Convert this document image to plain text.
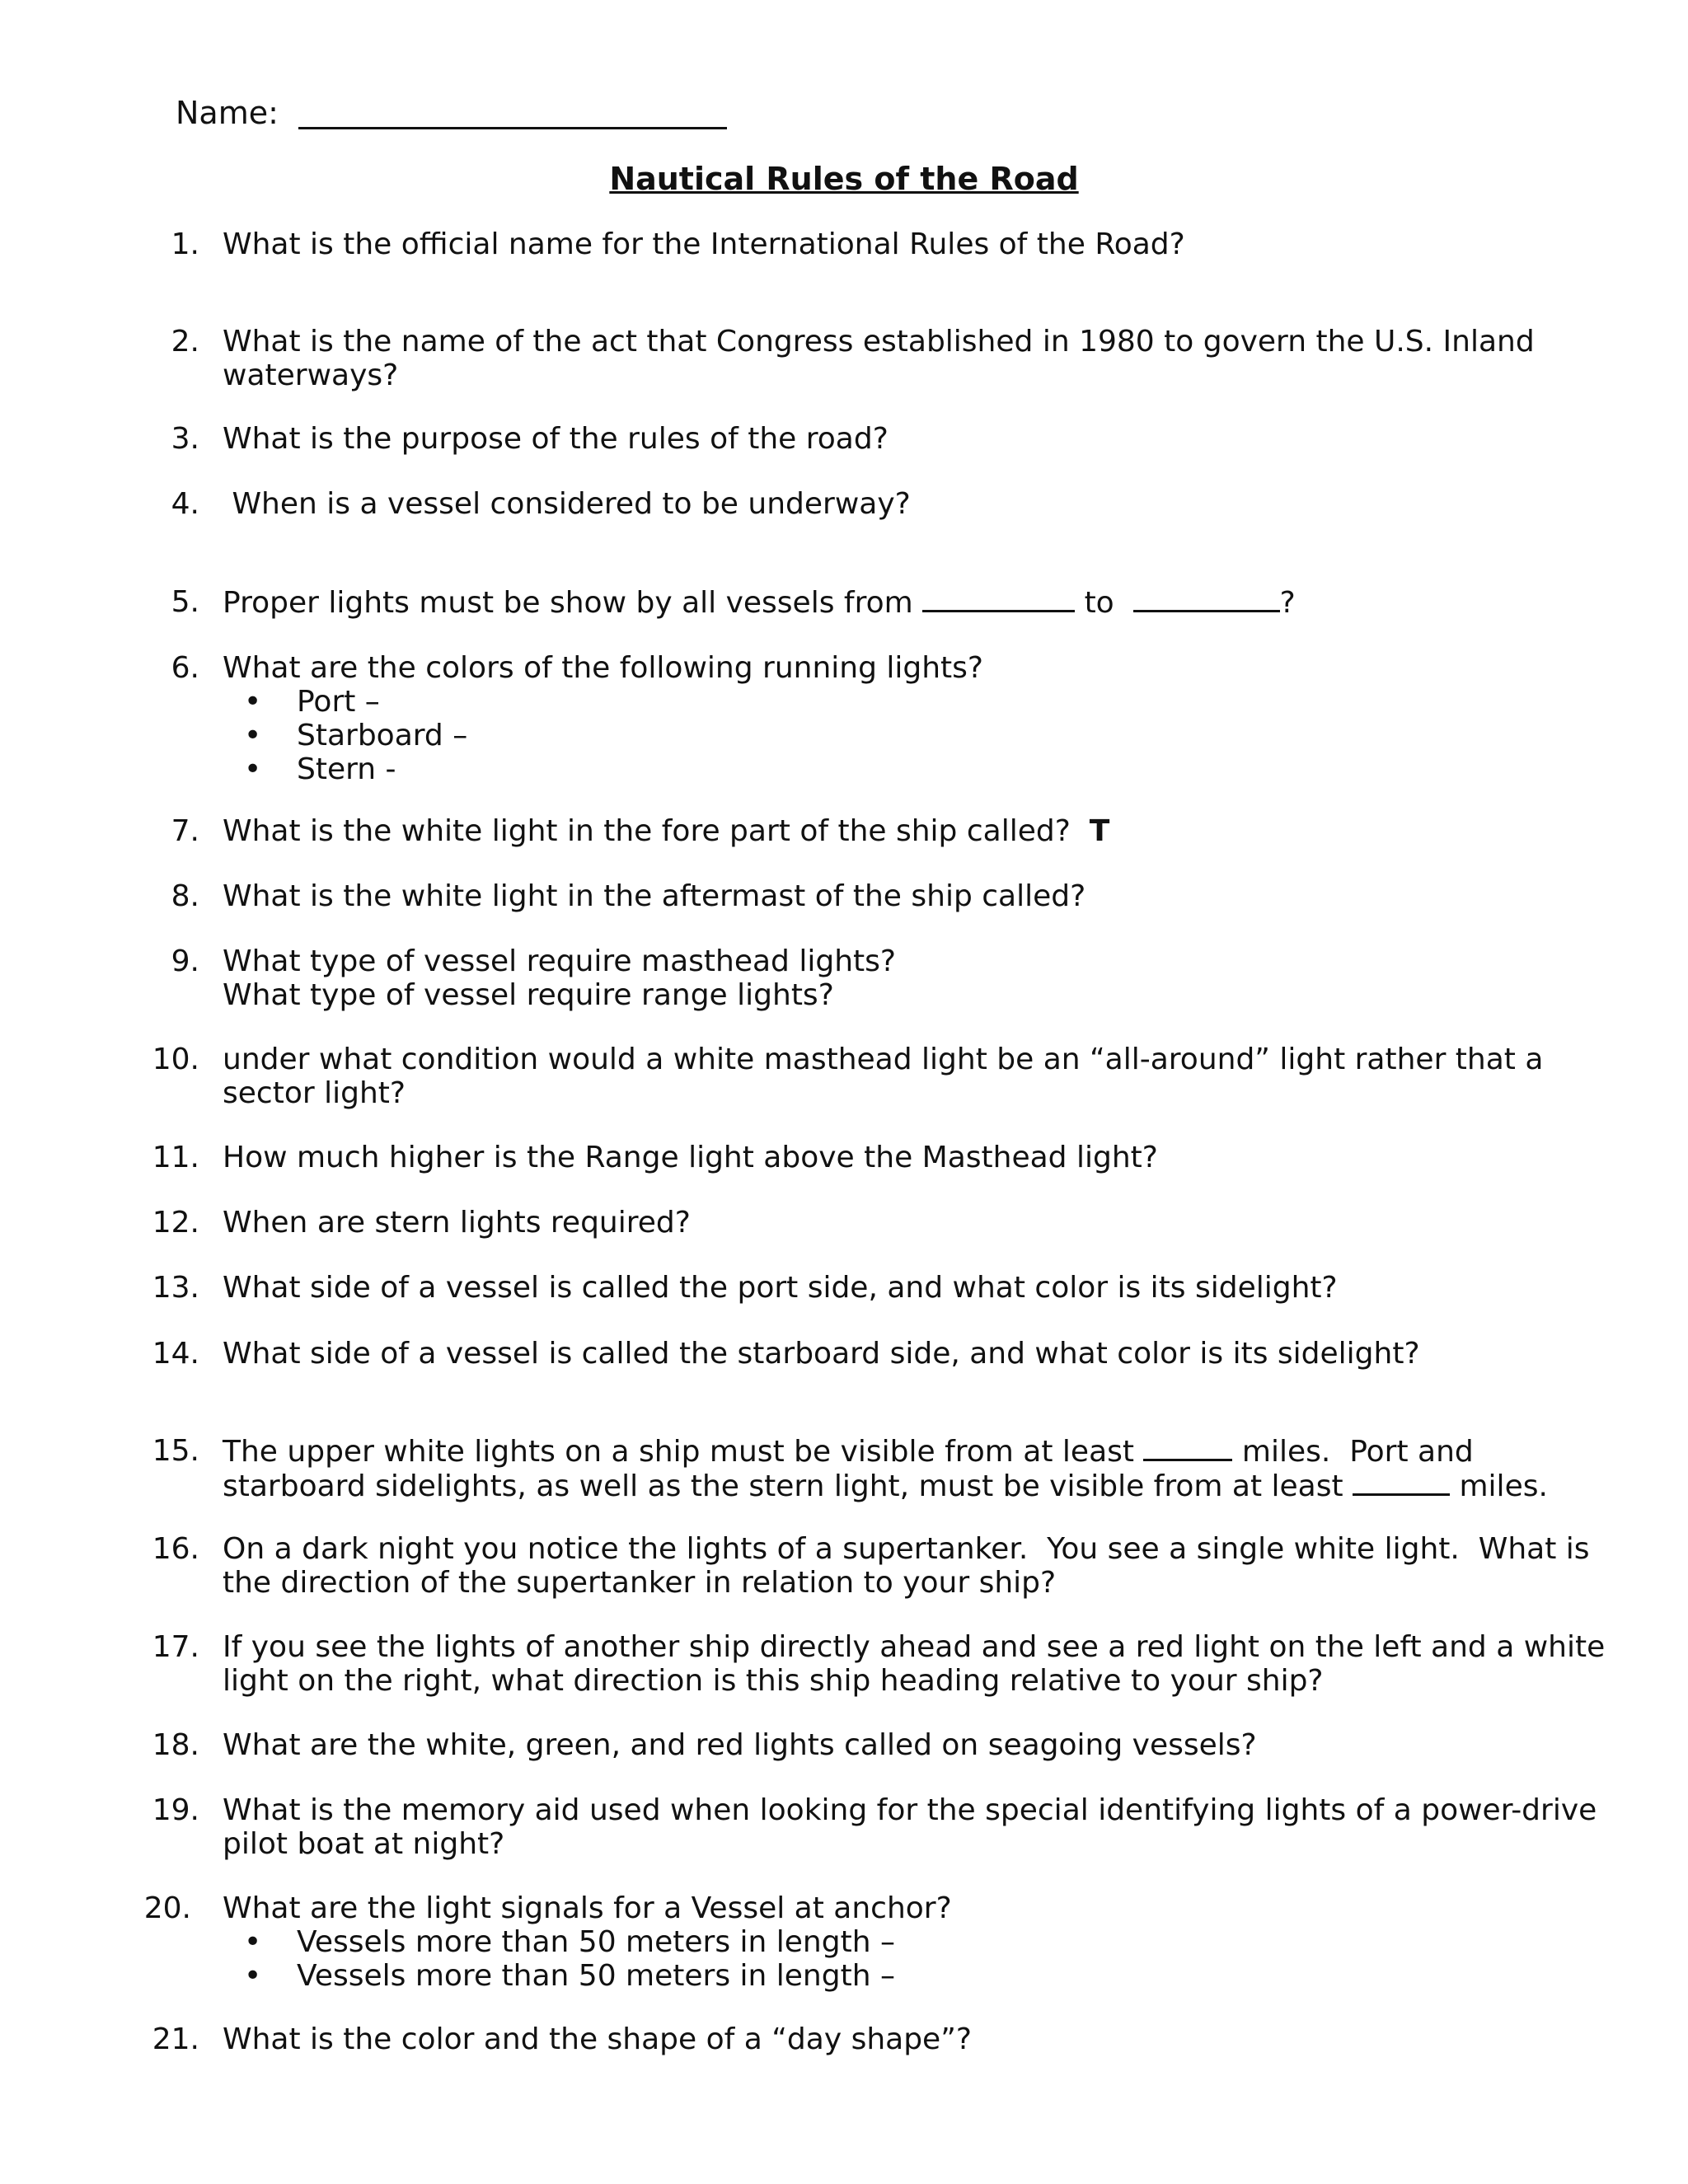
Name:
Nautical Rules of the Road
1. What is the official name for the International Rules of the Road?
2. What is the name of the act that Congress established in 1980 to govern the U.S. Inland
waterways?
3. What is the purpose of the rules of the road?
4. When is a vessel considered to be underway?
5. Proper lights must be show by all vessels from	to	?
6. What are the colors of the following running lights?
• Port –
• Starboard –
• Stern -
7. What is the white light in the fore part of the ship called?  T
8. What is the white light in the aftermast of the ship called?
9. What type of vessel require masthead lights?
What type of vessel require range lights?
10. under what condition would a white masthead light be an “all-around” light rather that a
sector light?
11. How much higher is the Range light above the Masthead light?
12. When are stern lights required?
13. What side of a vessel is called the port side, and what color is its sidelight?
14. What side of a vessel is called the starboard side, and what color is its sidelight?
15. The upper white lights on a ship must be visible from at least	miles.  Port and
starboard sidelights, as well as the stern light, must be visible from at least	miles.
16. On a dark night you notice the lights of a supertanker.  You see a single white light.  What is
the direction of the supertanker in relation to your ship?
17. If you see the lights of another ship directly ahead and see a red light on the left and a white
light on the right, what direction is this ship heading relative to your ship?
18. What are the white, green, and red lights called on seagoing vessels?
19. What is the memory aid used when looking for the special identifying lights of a power-drive
pilot boat at night?
20. What are the light signals for a Vessel at anchor?
• Vessels more than 50 meters in length –
• Vessels more than 50 meters in length –
21. What is the color and the shape of a “day shape”?
